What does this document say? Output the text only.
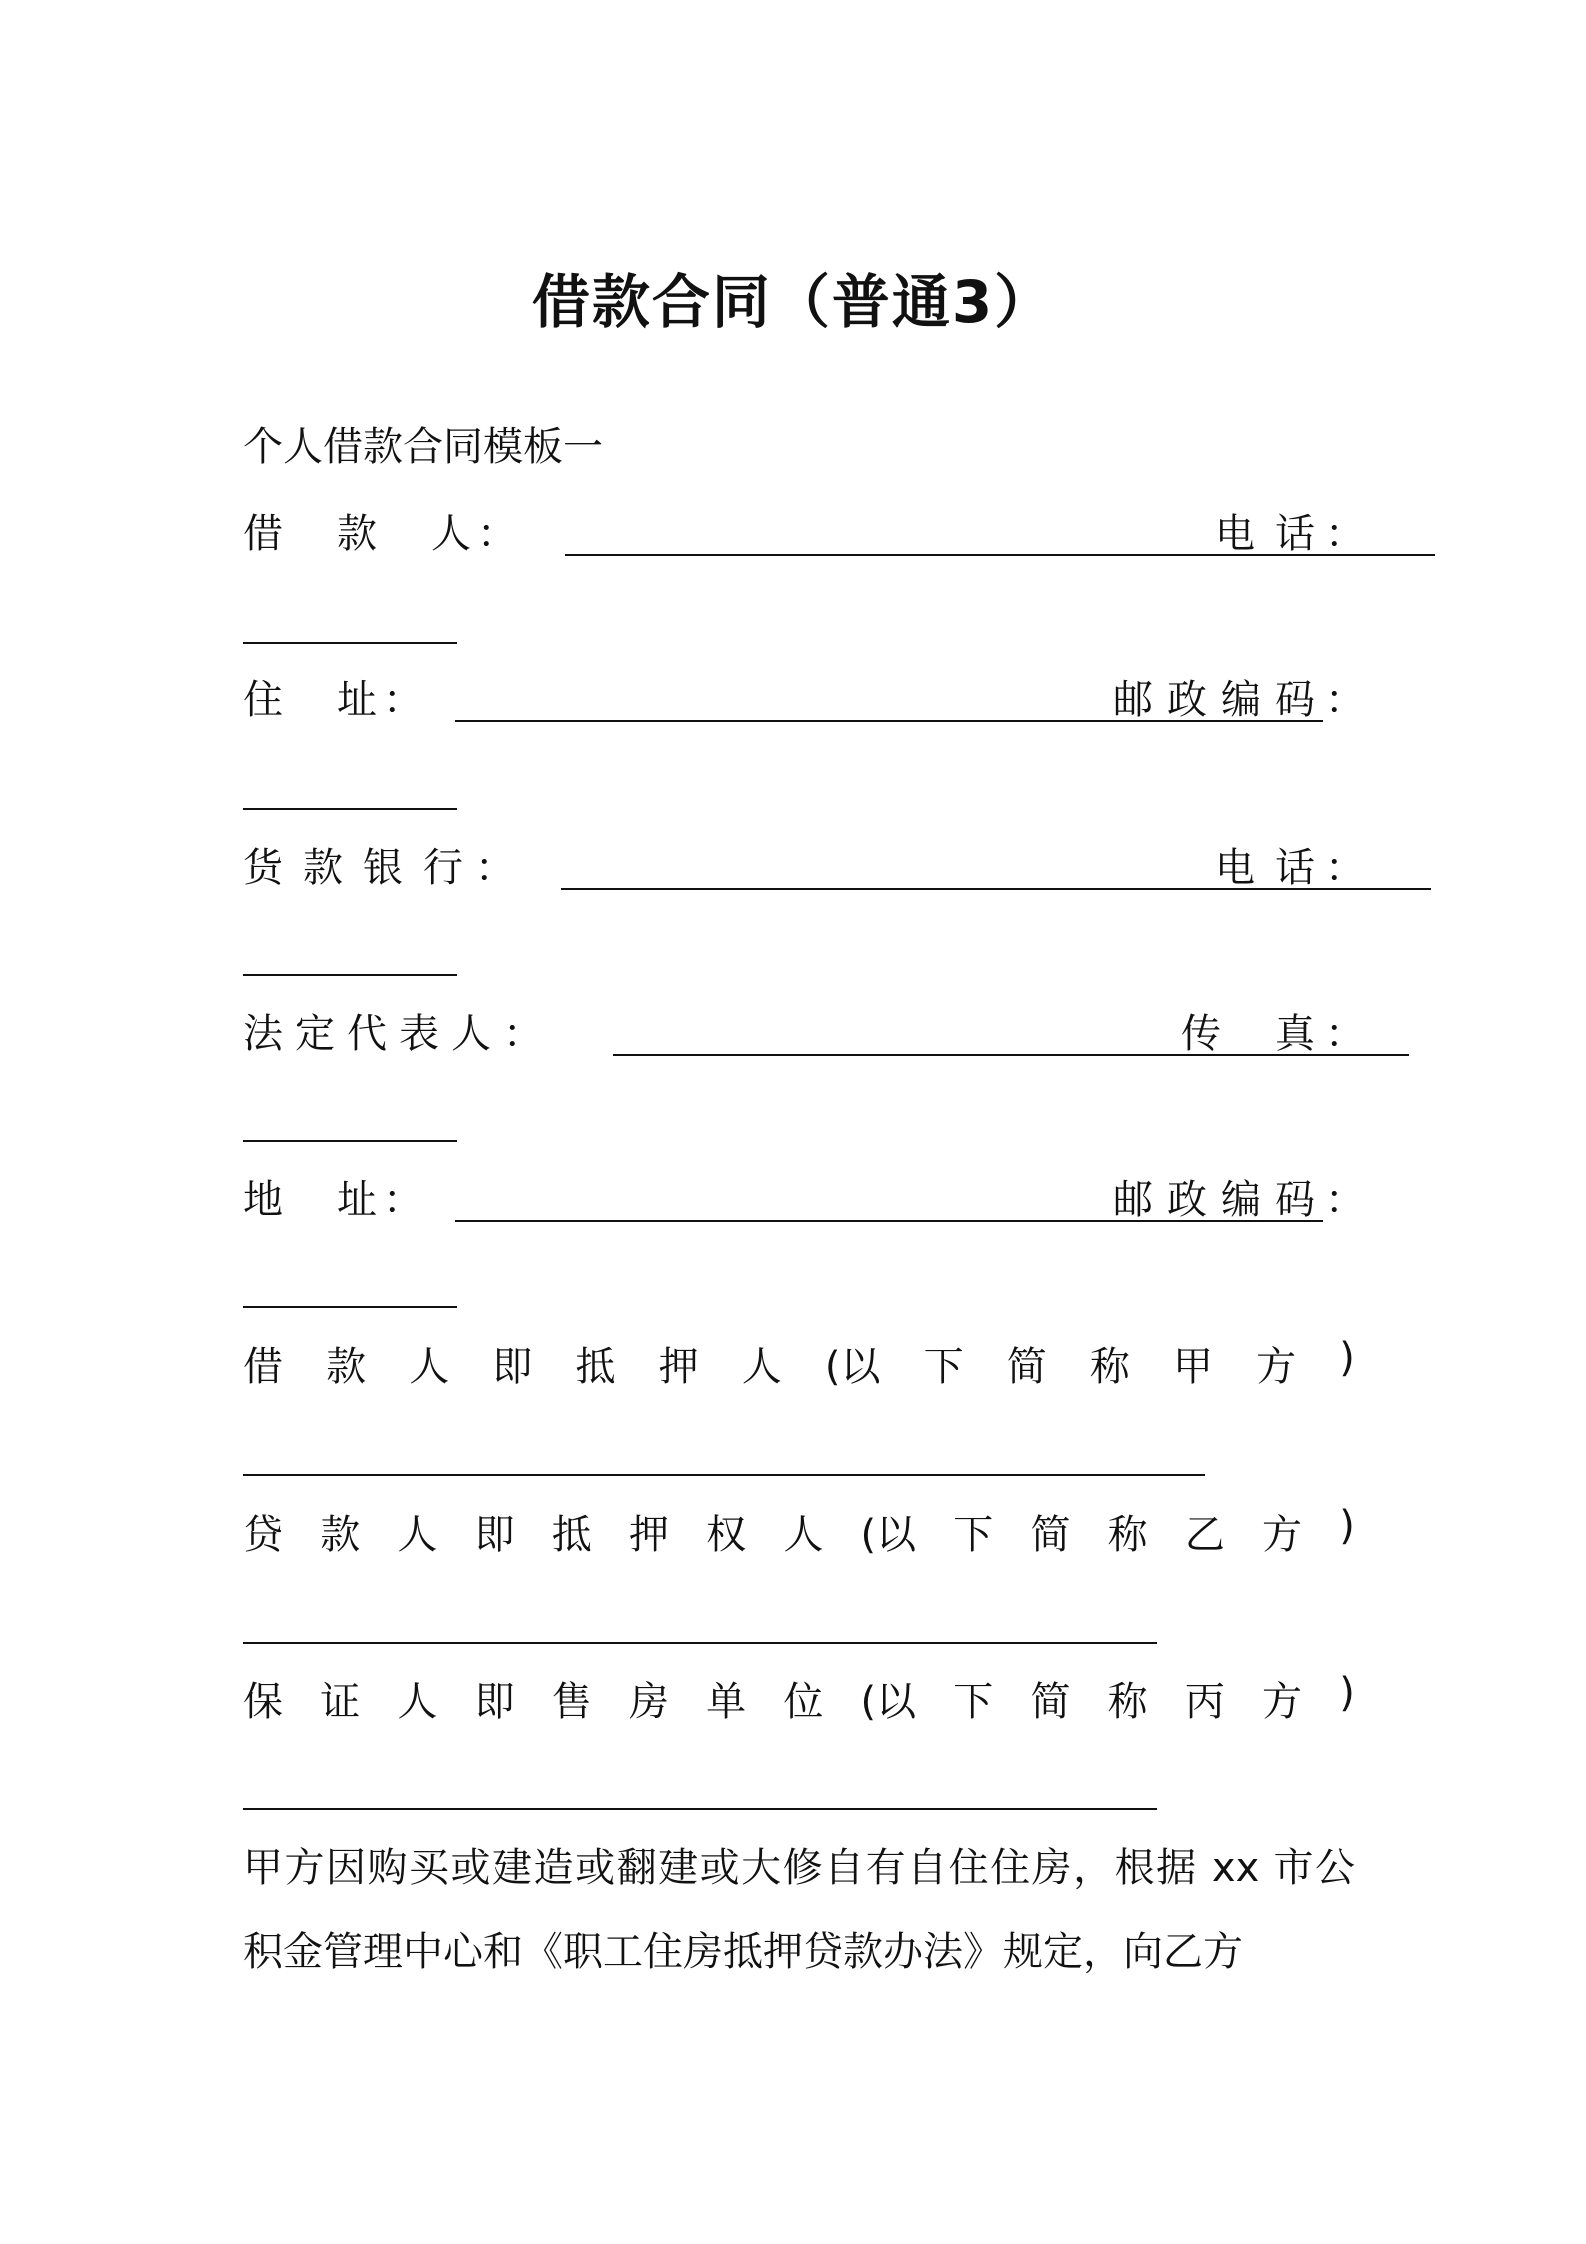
借款合同（普通3）
个人借款合同模板一
借 款 人 ：	电 话 ：
住 址 ：	邮 政 编 码 ：
货 款 银 行 ：	电 话 ：
法 定 代 表 人 ：	传 真 ：
地 址 ：	邮 政 编 码 ：
借 款 人 即 抵 押 人 (以 下 简 称 甲 方 )
贷 款 人 即 抵 押 权 人 (以 下 简 称 乙 方 )
保 证 人 即 售 房 单 位 (以 下 简 称 丙 方 )
甲方因购买或建造或翻建或大修自有自住住房，根据 xx 市公积金管理中心和《职工住房抵押贷款办法》规定，向乙方
